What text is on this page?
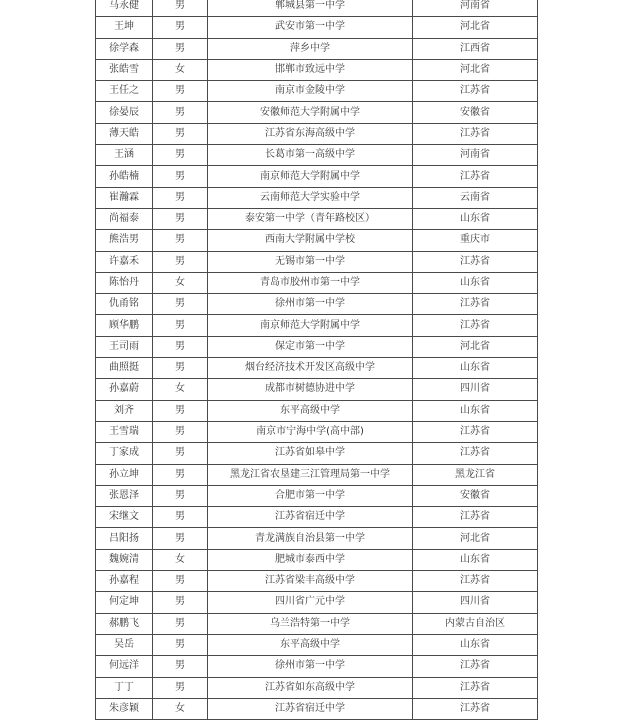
马永健	男	郸城县第一中学	河南省
王坤	男	武安市第一中学	河北省
徐学森	男	萍乡中学	江西省
张皓雪	女	邯郸市致远中学	河北省
王任之	男	南京市金陵中学	江苏省
徐晏辰	男	安徽师范大学附属中学	安徽省
薄天皓	男	江苏省东海高级中学	江苏省
王涵	男	长葛市第一高级中学	河南省
孙皓楠	男	南京师范大学附属中学	江苏省
崔瀚霖	男	云南师范大学实验中学	云南省
尚福泰	男	泰安第一中学（青年路校区）	山东省
熊浩男	男	西南大学附属中学校	重庆市
许嘉禾	男	无锡市第一中学	江苏省
陈怡丹	女	青岛市胶州市第一中学	山东省
仇甬铭	男	徐州市第一中学	江苏省
顾华鹏	男	南京师范大学附属中学	江苏省
王司雨	男	保定市第一中学	河北省
曲照挺	男	烟台经济技术开发区高级中学	山东省
孙嘉蔚	女	成都市树德协进中学	四川省
刘齐	男	东平高级中学	山东省
王雪瑞	男	南京市宁海中学(高中部)	江苏省
丁家成	男	江苏省如皋中学	江苏省
孙立坤	男	黑龙江省农垦建三江管理局第一中学	黑龙江省
张恩泽	男	合肥市第一中学	安徽省
宋继文	男	江苏省宿迁中学	江苏省
吕阳扬	男	青龙满族自治县第一中学	河北省
魏婉清	女	肥城市泰西中学	山东省
孙嘉程	男	江苏省梁丰高级中学	江苏省
何定坤	男	四川省广元中学	四川省
郝鹏飞	男	乌兰浩特第一中学	内蒙古自治区
吴岳	男	东平高级中学	山东省
何远洋	男	徐州市第一中学	江苏省
丁丁	男	江苏省如东高级中学	江苏省
朱彦颖	女	江苏省宿迁中学	江苏省
